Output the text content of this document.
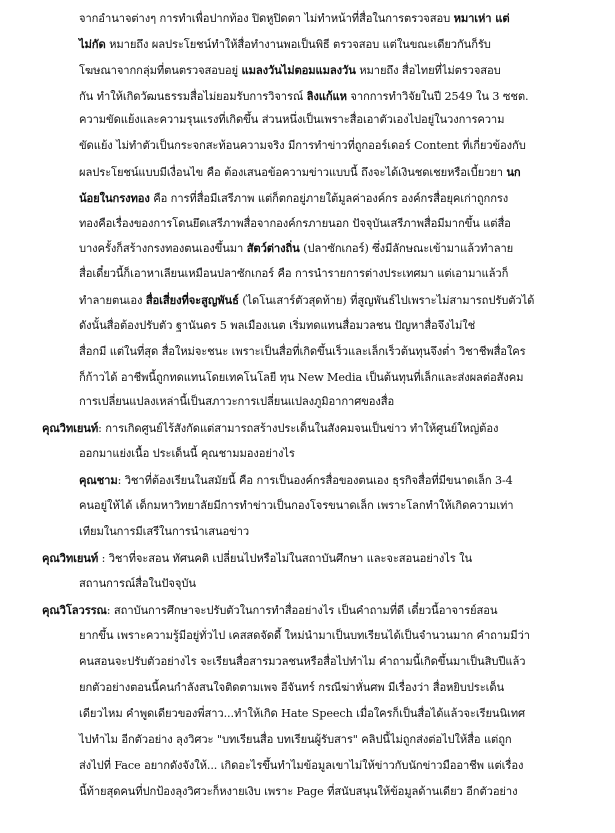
จากอำนาจต่างๆ การทำเพื่อปากท้อง ปิดหูปิดตา ไม่ทำหน้าที่สื่อในการตรวจสอบ หมาเห่า แต่
ไม่กัด หมายถึง ผลประโยชน์ทำให้สื่อทำงานพอเป็นพิธี ตรวจสอบ แต่ในขณะเดียวกันก็รับ
โฆษณาจากกลุ่มที่ตนตรวจสอบอยู่ แมลงวันไม่ตอมแมลงวัน หมายถึง สื่อไทยที่ไม่ตรวจสอบ
กัน ทำให้เกิดวัฒนธรรมสื่อไม่ยอมรับการวิจารณ์ ลิงแก้แห จากการทำวิจัยในปี 2549 ใน 3 ซชต.
ความขัดแย้งและความรุนแรงที่เกิดขึ้น ส่วนหนึ่งเป็นเพราะสื่อเอาตัวเองไปอยู่ในวงการความ
ขัดแย้ง ไม่ทำตัวเป็นกระจกสะท้อนความจริง มีการทำข่าวที่ถูกออร์เดอร์ Content ที่เกี่ยวข้องกับ
ผลประโยชน์แบบมีเงื่อนไข คือ ต้องเสนอข้อความข่าวแบบนี้ ถึงจะได้เงินชดเชยหรือเบี้ยวยา นก
น้อยในกรงทอง คือ การที่สื่อมีเสรีภาพ แต่ก็ตกอยู่ภายใต้มูลค่าองค์กร องค์กรสื่อยุคเก่าถูกกรง
ทองคือเรื่องของการโดนยึดเสรีภาพสื่อจากองค์กรภายนอก ปัจจุบันเสรีภาพสื่อมีมากขึ้น แต่สื่อ
บางครั้งก็สร้างกรงทองตนเองขึ้นมา สัตว์ต่างถิ่น (ปลาซักเกอร์) ซึ่งมีลักษณะเข้ามาแล้วทำลาย
สื่อเดี๋ยวนี้ก็เอาหาเลียนเหมือนปลาซักเกอร์ คือ การนำรายการต่างประเทศมา แต่เอามาแล้วก็
ทำลายตนเอง สื่อเสี่ยงที่จะสูญพันธ์ (ไดโนเสาร์ตัวสุดท้าย) ที่สูญพันธ์ไปเพราะไม่สามารถปรับตัวได้
ดังนั้นสื่อต้องปรับตัว ฐานันดร 5 พลเมืองเนต เริ่มทดแทนสื่อมวลชน ปัญหาสื่อจึงไม่ใช่
สื่อกมี แต่ในที่สุด สื่อใหม่จะชนะ เพราะเป็นสื่อที่เกิดขึ้นเร็วและเล็กเร็วต้นทุนจึงต่ำ วิชาชีพสื่อใคร
ก็ก้าวได้ อาชีพนี้ถูกทดแทนโดยเทคโนโลยี ทุน New Media เป็นต้นทุนที่เล็กและส่งผลต่อสังคม
การเปลี่ยนแปลงเหล่านี้เป็นสภาวะการเปลี่ยนแปลงภูมิอากาศของสื่อ
คุณวิทเยนท์: การเกิดศูนย์ไร้สังกัดแต่สามารถสร้างประเด็นในสังคมจนเป็นข่าว ทำให้ศูนย์ใหญ่ต้อง
ออกมาแย่งเนื้อ ประเด็นนี้ คุณชามมองอย่างไร
คุณชาม: วิชาที่ต้องเรียนในสมัยนี้ คือ การเป็นองค์กรสื่อของตนเอง ธุรกิจสื่อที่มีขนาดเล็ก 3-4
คนอยู่ให้ได้ เด็กมหาวิทยาลัยมีการทำข่าวเป็นกองโจรขนาดเล็ก เพราะโลกทำให้เกิดความเท่า
เทียมในการมีเสรีในการนำเสนอข่าว
คุณวิทเยนท์ : วิชาที่จะสอน ทัศนคติ เปลี่ยนไปหรือไม่ในสถาบันศึกษา และจะสอนอย่างไร ใน
สถานการณ์สื่อในปัจจุบัน
คุณวิโลวรรณ: สถาบันการศึกษาจะปรับตัวในการทำสื่ออย่างไร เป็นคำถามที่ดี เดี๋ยวนี้อาจารย์สอน
ยากขึ้น เพราะความรู้มีอยู่ทั่วไป เคสสดจัดดี้ ใหม่นำมาเป็นบทเรียนได้เป็นจำนวนมาก คำถามมีว่า
คนสอนจะปรับตัวอย่างไร จะเรียนสื่อสารมวลชนหรือสื่อไปทำไม คำถามนี้เกิดขึ้นมาเป็นสิบปีแล้ว
ยกตัวอย่างตอนนี้คนกำลังสนใจติดตามเพจ อีจันทร์ กรณีฆ่าหั่นศพ มีเรื่องว่า สื่อหยิบประเด็น
เดียวไหม คำพูดเดียวของพี่สาว...ทำให้เกิด Hate Speech เมื่อใครก็เป็นสื่อได้แล้วจะเรียนนิเทศ
ไปทำไม อีกตัวอย่าง ลุงวิศวะ "บทเรียนสื่อ บทเรียนผู้รับสาร" คลิปนี้ไม่ถูกส่งต่อไปให้สื่อ แต่ถูก
ส่งไปที่ Face อยากดังจังให้... เกิดอะไรขึ้นทำไมข้อมูลเขาไม่ให้ข่าวกับนักข่าวมืออาชีพ แต่เรื่อง
นี้ท้ายสุดคนที่ปกป้องลุงวิศวะก็หงายเงิบ เพราะ Page ที่สนับสนุนให้ข้อมูลด้านเดียว อีกตัวอย่าง
